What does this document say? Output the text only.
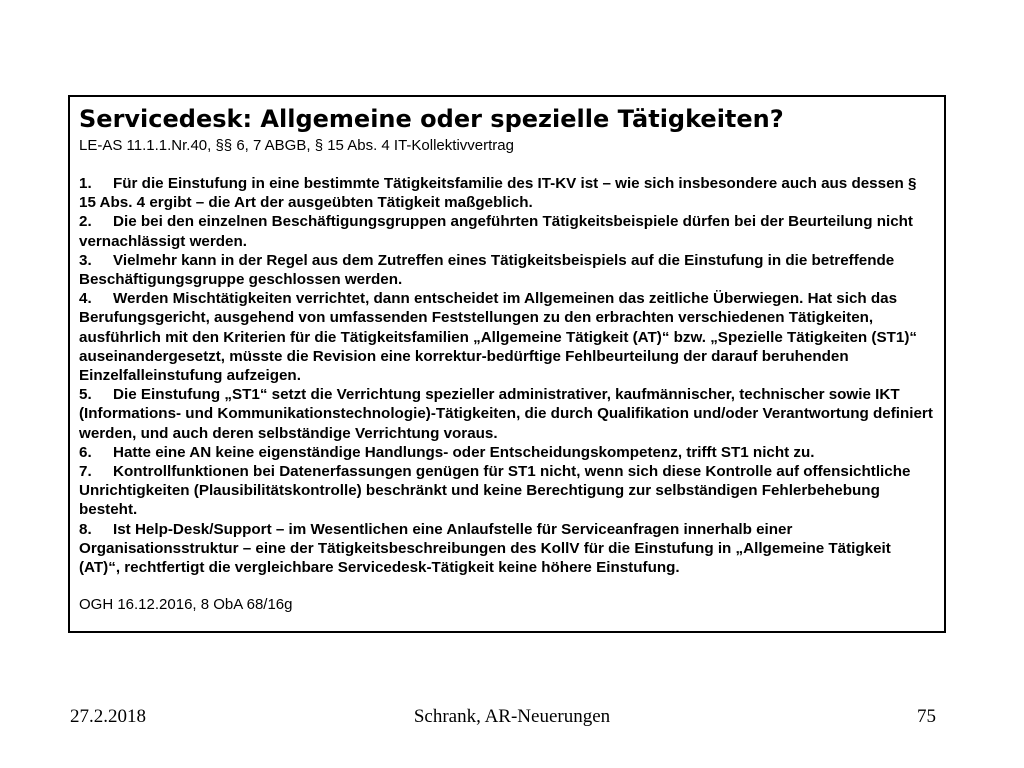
Servicedesk: Allgemeine oder spezielle Tätigkeiten?

LE-AS 11.1.1.Nr.40, §§ 6, 7 ABGB, § 15 Abs. 4 IT-Kollektivvertrag

1. Für die Einstufung in eine bestimmte Tätigkeitsfamilie des IT-KV ist – wie sich insbesondere auch aus dessen § 15 Abs. 4 ergibt – die Art der ausgeübten Tätigkeit maßgeblich.

2. Die bei den einzelnen Beschäftigungsgruppen angeführten Tätigkeitsbeispiele dürfen bei der Beurteilung nicht vernachlässigt werden.

3. Vielmehr kann in der Regel aus dem Zutreffen eines Tätigkeitsbeispiels auf die Einstufung in die betreffende Beschäftigungsgruppe geschlossen werden.

4. Werden Mischtätigkeiten verrichtet, dann entscheidet im Allgemeinen das zeitliche Überwiegen. Hat sich das Berufungsgericht, ausgehend von umfassenden Feststellungen zu den erbrachten verschiedenen Tätigkeiten, ausführlich mit den Kriterien für die Tätigkeitsfamilien „Allgemeine Tätigkeit (AT)“ bzw. „Spezielle Tätigkeiten (ST1)“ auseinandergesetzt, müsste die Revision eine korrektur-bedürftige Fehlbeurteilung der darauf beruhenden Einzelfalleinstufung aufzeigen.

5. Die Einstufung „ST1“ setzt die Verrichtung spezieller administrativer, kaufmännischer, technischer sowie IKT (Informations- und Kommunikationstechnologie)-Tätigkeiten, die durch Qualifikation und/oder Verantwortung definiert werden, und auch deren selbständige Verrichtung voraus.

6. Hatte eine AN keine eigenständige Handlungs- oder Entscheidungskompetenz, trifft ST1 nicht zu.

7. Kontrollfunktionen bei Datenerfassungen genügen für ST1 nicht, wenn sich diese Kontrolle auf offensichtliche Unrichtigkeiten (Plausibilitätskontrolle) beschränkt und keine Berechtigung zur selbständigen Fehlerbehebung besteht.

8. Ist Help-Desk/Support – im Wesentlichen eine Anlaufstelle für Serviceanfragen innerhalb einer Organisationsstruktur – eine der Tätigkeitsbeschreibungen des KollV für die Einstufung in „Allgemeine Tätigkeit (AT)“, rechtfertigt die vergleichbare Servicedesk-Tätigkeit keine höhere Einstufung.

OGH 16.12.2016, 8 ObA 68/16g

27.2.2018	Schrank, AR-Neuerungen	75
